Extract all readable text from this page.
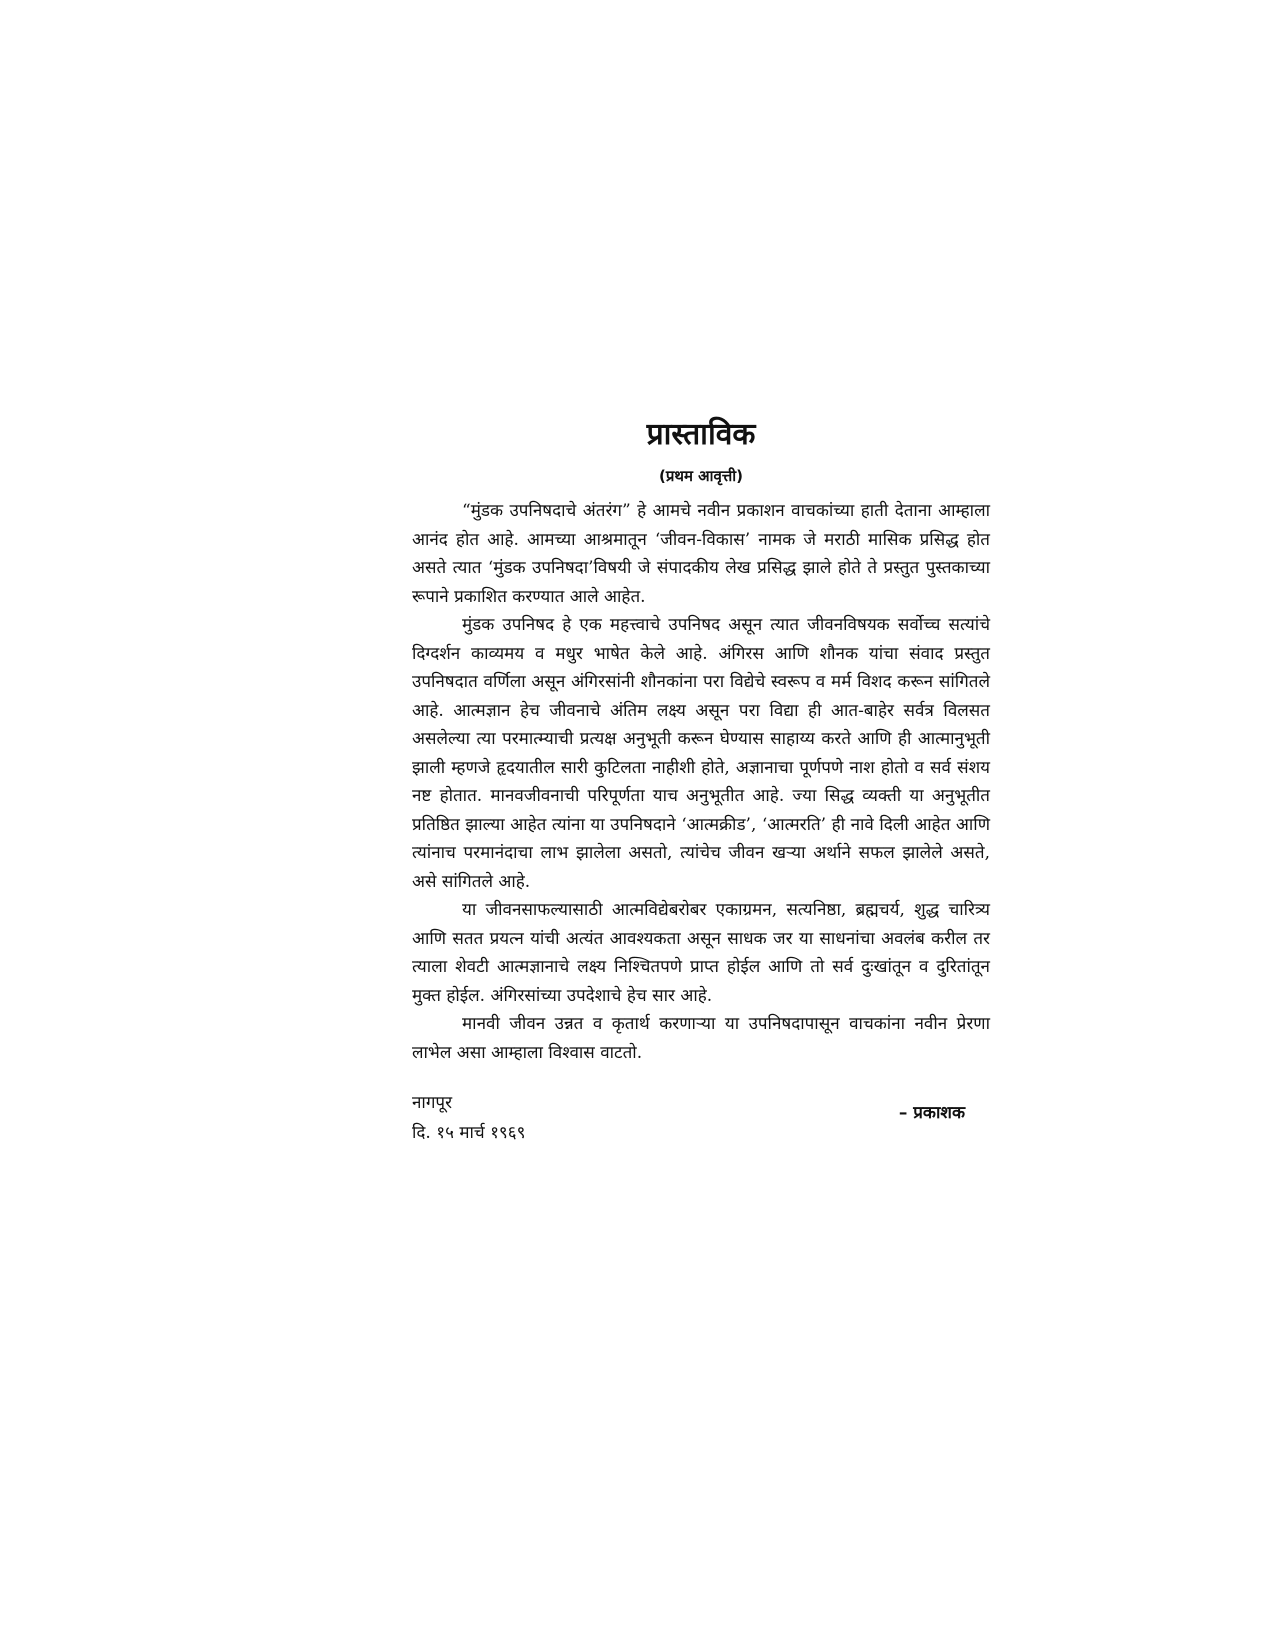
प्रास्ताविक
(प्रथम आवृत्ती)

“मुंडक उपनिषदाचे अंतरंग” हे आमचे नवीन प्रकाशन वाचकांच्या हाती देताना आम्हाला आनंद होत आहे. आमच्या आश्रमातून ‘जीवन-विकास’ नामक जे मराठी मासिक प्रसिद्ध होत असते त्यात ‘मुंडक उपनिषदा’विषयी जे संपादकीय लेख प्रसिद्ध झाले होते ते प्रस्तुत पुस्तकाच्या रूपाने प्रकाशित करण्यात आले आहेत.

मुंडक उपनिषद हे एक महत्त्वाचे उपनिषद असून त्यात जीवनविषयक सर्वोच्च सत्यांचे दिग्दर्शन काव्यमय व मधुर भाषेत केले आहे. अंगिरस आणि शौनक यांचा संवाद प्रस्तुत उपनिषदात वर्णिला असून अंगिरसांनी शौनकांना परा विद्येचे स्वरूप व मर्म विशद करून सांगितले आहे. आत्मज्ञान हेच जीवनाचे अंतिम लक्ष्य असून परा विद्या ही आत-बाहेर सर्वत्र विलसत असलेल्या त्या परमात्म्याची प्रत्यक्ष अनुभूती करून घेण्यास साहाय्य करते आणि ही आत्मानुभूती झाली म्हणजे हृदयातील सारी कुटिलता नाहीशी होते, अज्ञानाचा पूर्णपणे नाश होतो व सर्व संशय नष्ट होतात. मानवजीवनाची परिपूर्णता याच अनुभूतीत आहे. ज्या सिद्ध व्यक्ती या अनुभूतीत प्रतिष्ठित झाल्या आहेत त्यांना या उपनिषदाने ‘आत्मक्रीड’, ‘आत्मरति’ ही नावे दिली आहेत आणि त्यांनाच परमानंदाचा लाभ झालेला असतो, त्यांचेच जीवन खऱ्या अर्थाने सफल झालेले असते, असे सांगितले आहे.

या जीवनसाफल्यासाठी आत्मविद्येबरोबर एकाग्रमन, सत्यनिष्ठा, ब्रह्मचर्य, शुद्ध चारित्र्य आणि सतत प्रयत्न यांची अत्यंत आवश्यकता असून साधक जर या साधनांचा अवलंब करील तर त्याला शेवटी आत्मज्ञानाचे लक्ष्य निश्चितपणे प्राप्त होईल आणि तो सर्व दुःखांतून व दुरितांतून मुक्त होईल. अंगिरसांच्या उपदेशाचे हेच सार आहे.

मानवी जीवन उन्नत व कृतार्थ करणाऱ्या या उपनिषदापासून वाचकांना नवीन प्रेरणा लाभेल असा आम्हाला विश्वास वाटतो.

नागपूर
दि. १५ मार्च १९६९
– प्रकाशक
